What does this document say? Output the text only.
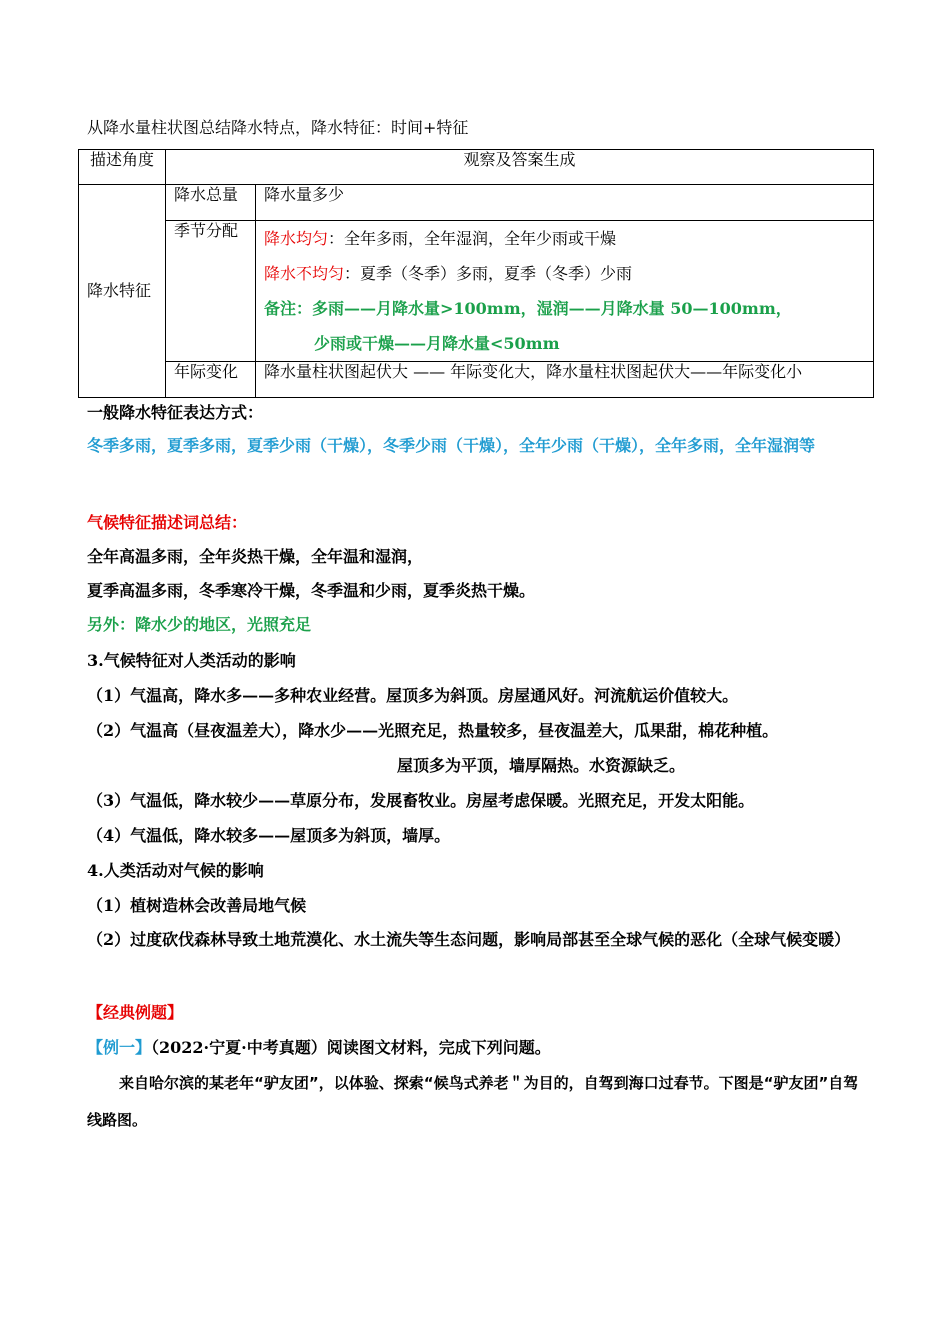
从降水量柱状图总结降水特点，降水特征：时间+特征
描述角度	观察及答案生成	
降水特征	降水总量	降水量多少
	季节分配	降水均匀：全年多雨，全年湿润，全年少雨或干燥
降水不均匀：夏季（冬季）多雨，夏季（冬季）少雨
备注：多雨——月降水量>100mm，湿润——月降水量 50—100mm，
少雨或干燥——月降水量<50mm

	年际变化	降水量柱状图起伏大 —— 年际变化大，降水量柱状图起伏大——年际变化小
一般降水特征表达方式：
冬季多雨，夏季多雨，夏季少雨（干燥），冬季少雨（干燥），全年少雨（干燥），全年多雨，全年湿润等
气候特征描述词总结：
全年高温多雨，全年炎热干燥，全年温和湿润，
夏季高温多雨，冬季寒冷干燥，冬季温和少雨，夏季炎热干燥。
另外：降水少的地区，光照充足
3.气候特征对人类活动的影响
（1）气温高，降水多——多种农业经营。屋顶多为斜顶。房屋通风好。河流航运价值较大。
（2）气温高（昼夜温差大），降水少——光照充足，热量较多，昼夜温差大，瓜果甜，棉花种植。
屋顶多为平顶，墙厚隔热。水资源缺乏。
（3）气温低，降水较少——草原分布，发展畜牧业。房屋考虑保暖。光照充足，开发太阳能。
（4）气温低，降水较多——屋顶多为斜顶，墙厚。
4.人类活动对气候的影响
（1）植树造林会改善局地气候
（2）过度砍伐森林导致土地荒漠化、水土流失等生态问题，影响局部甚至全球气候的恶化（全球气候变暖）
【经典例题】
【例一】（2022·宁夏·中考真题）阅读图文材料，完成下列问题。
来自哈尔滨的某老年“驴友团”，以体验、探索“候鸟式养老＂为目的，自驾到海口过春节。下图是“驴友团”自驾线路图。
